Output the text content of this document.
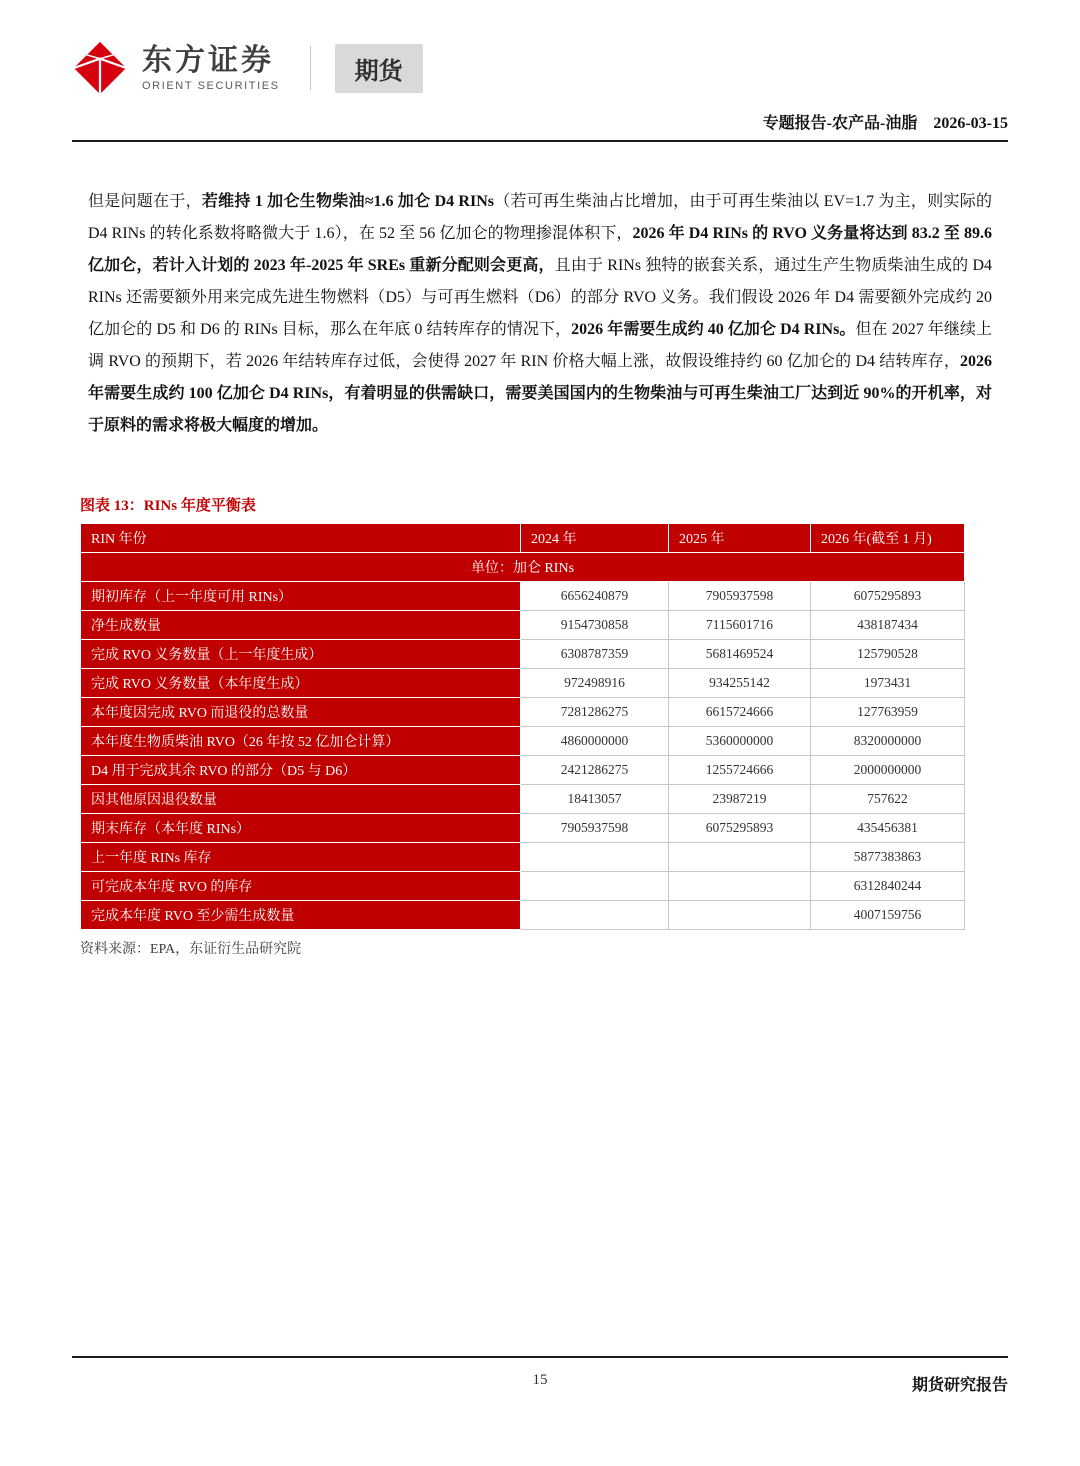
东方证券
ORIENT SECURITIES
期货
专题报告-农产品-油脂 2026-03-15

但是问题在于，若维持 1 加仑生物柴油≈1.6 加仑 D4 RINs（若可再生柴油占比增加，由于可再生柴油以 EV=1.7 为主，则实际的 D4 RINs 的转化系数将略微大于 1.6），在 52 至 56 亿加仑的物理掺混体积下，2026 年 D4 RINs 的 RVO 义务量将达到 83.2 至 89.6 亿加仑，若计入计划的 2023 年-2025 年 SREs 重新分配则会更高，且由于 RINs 独特的嵌套关系，通过生产生物质柴油生成的 D4 RINs 还需要额外用来完成先进生物燃料（D5）与可再生燃料（D6）的部分 RVO 义务。我们假设 2026 年 D4 需要额外完成约 20 亿加仑的 D5 和 D6 的 RINs 目标，那么在年底 0 结转库存的情况下，2026 年需要生成约 40 亿加仑 D4 RINs。但在 2027 年继续上调 RVO 的预期下，若 2026 年结转库存过低，会使得 2027 年 RIN 价格大幅上涨，故假设维持约 60 亿加仑的 D4 结转库存，2026 年需要生成约 100 亿加仑 D4 RINs，有着明显的供需缺口，需要美国国内的生物柴油与可再生柴油工厂达到近 90%的开机率，对于原料的需求将极大幅度的增加。

图表 13：RINs 年度平衡表
RIN 年份	2024 年	2025 年	2026 年(截至 1 月)
单位：加仑 RINs			
期初库存（上一年度可用 RINs）	6656240879	7905937598	6075295893
净生成数量	9154730858	7115601716	438187434
完成 RVO 义务数量（上一年度生成）	6308787359	5681469524	125790528
完成 RVO 义务数量（本年度生成）	972498916	934255142	1973431
本年度因完成 RVO 而退役的总数量	7281286275	6615724666	127763959
本年度生物质柴油 RVO（26 年按 52 亿加仑计算）	4860000000	5360000000	8320000000
D4 用于完成其余 RVO 的部分（D5 与 D6）	2421286275	1255724666	2000000000
因其他原因退役数量	18413057	23987219	757622
期末库存（本年度 RINs）	7905937598	6075295893	435456381
上一年度 RINs 库存			5877383863
可完成本年度 RVO 的库存			6312840244
完成本年度 RVO 至少需生成数量			4007159756
资料来源：EPA，东证衍生品研究院
15	期货研究报告
